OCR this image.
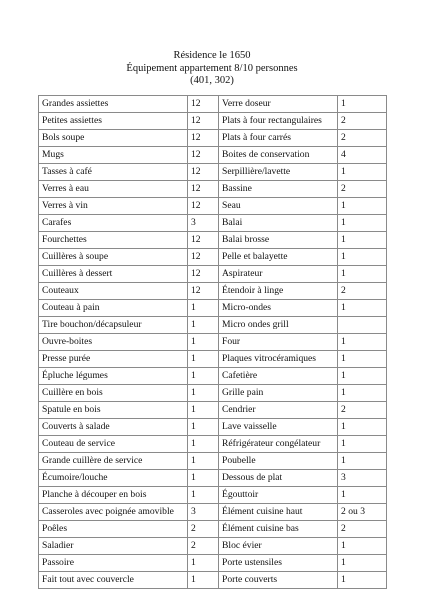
Résidence le 1650
Équipement appartement 8/10 personnes
(401, 302)
Grandes assiettes	12	Verre doseur	1
Petites assiettes	12	Plats à four rectangulaires	2
Bols soupe	12	Plats à four carrés	2
Mugs	12	Boites de conservation	4
Tasses à café	12	Serpillière/lavette	1
Verres à eau	12	Bassine	2
Verres à vin	12	Seau	1
Carafes	3	Balai	1
Fourchettes	12	Balai brosse	1
Cuillères à soupe	12	Pelle et balayette	1
Cuillères à dessert	12	Aspirateur	1
Couteaux	12	Étendoir à linge	2
Couteau à pain	1	Micro-ondes	1
Tire bouchon/décapsuleur	1	Micro ondes grill	
Ouvre-boites	1	Four	1
Presse purée	1	Plaques vitrocéramiques	1
Épluche légumes	1	Cafetière	1
Cuillère en bois	1	Grille pain	1
Spatule en bois	1	Cendrier	2
Couverts à salade	1	Lave vaisselle	1
Couteau de service	1	Réfrigérateur congélateur	1
Grande cuillère de service	1	Poubelle	1
Écumoire/louche	1	Dessous de plat	3
Planche à découper en bois	1	Égouttoir	1
Casseroles avec poignée amovible	3	Élément cuisine haut	2 ou 3
Poêles	2	Élément cuisine bas	2
Saladier	2	Bloc évier	1
Passoire	1	Porte ustensiles	1
Fait tout avec couvercle	1	Porte couverts	1
